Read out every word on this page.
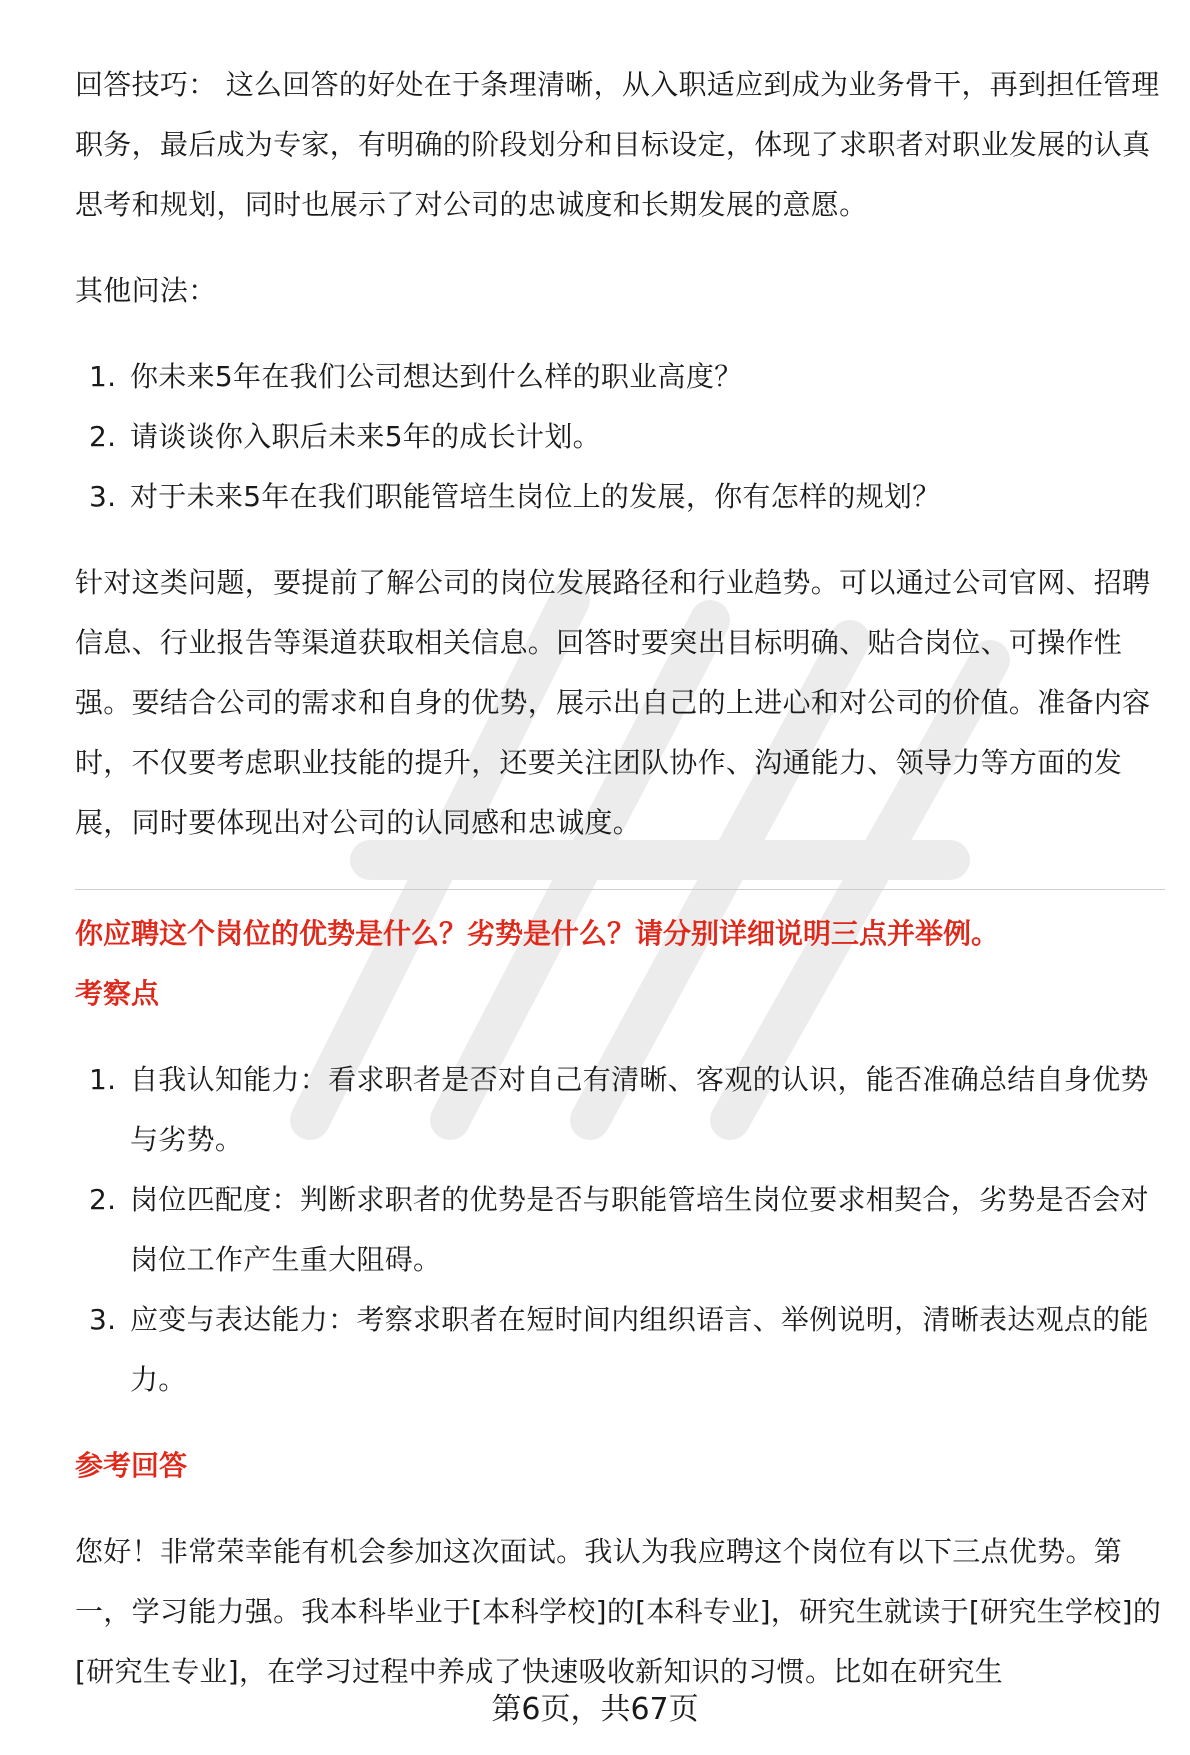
回答技巧： 这么回答的好处在于条理清晰，从入职适应到成为业务骨干，再到担任管理职务，最后成为专家，有明确的阶段划分和目标设定，体现了求职者对职业发展的认真思考和规划，同时也展示了对公司的忠诚度和长期发展的意愿。

其他问法：

1. 你未来5年在我们公司想达到什么样的职业高度？
2. 请谈谈你入职后未来5年的成长计划。
3. 对于未来5年在我们职能管培生岗位上的发展，你有怎样的规划？

针对这类问题，要提前了解公司的岗位发展路径和行业趋势。可以通过公司官网、招聘信息、行业报告等渠道获取相关信息。回答时要突出目标明确、贴合岗位、可操作性强。要结合公司的需求和自身的优势，展示出自己的上进心和对公司的价值。准备内容时，不仅要考虑职业技能的提升，还要关注团队协作、沟通能力、领导力等方面的发展，同时要体现出对公司的认同感和忠诚度。

你应聘这个岗位的优势是什么？劣势是什么？请分别详细说明三点并举例。
考察点
1. 自我认知能力：看求职者是否对自己有清晰、客观的认识，能否准确总结自身优势与劣势。
2. 岗位匹配度：判断求职者的优势是否与职能管培生岗位要求相契合，劣势是否会对岗位工作产生重大阻碍。
3. 应变与表达能力：考察求职者在短时间内组织语言、举例说明，清晰表达观点的能力。
参考回答

您好！非常荣幸能有机会参加这次面试。我认为我应聘这个岗位有以下三点优势。第一，学习能力强。我本科毕业于[本科学校]的[本科专业]，研究生就读于[研究生学校]的[研究生专业]，在学习过程中养成了快速吸收新知识的习惯。比如在研究生

第6页，共67页
